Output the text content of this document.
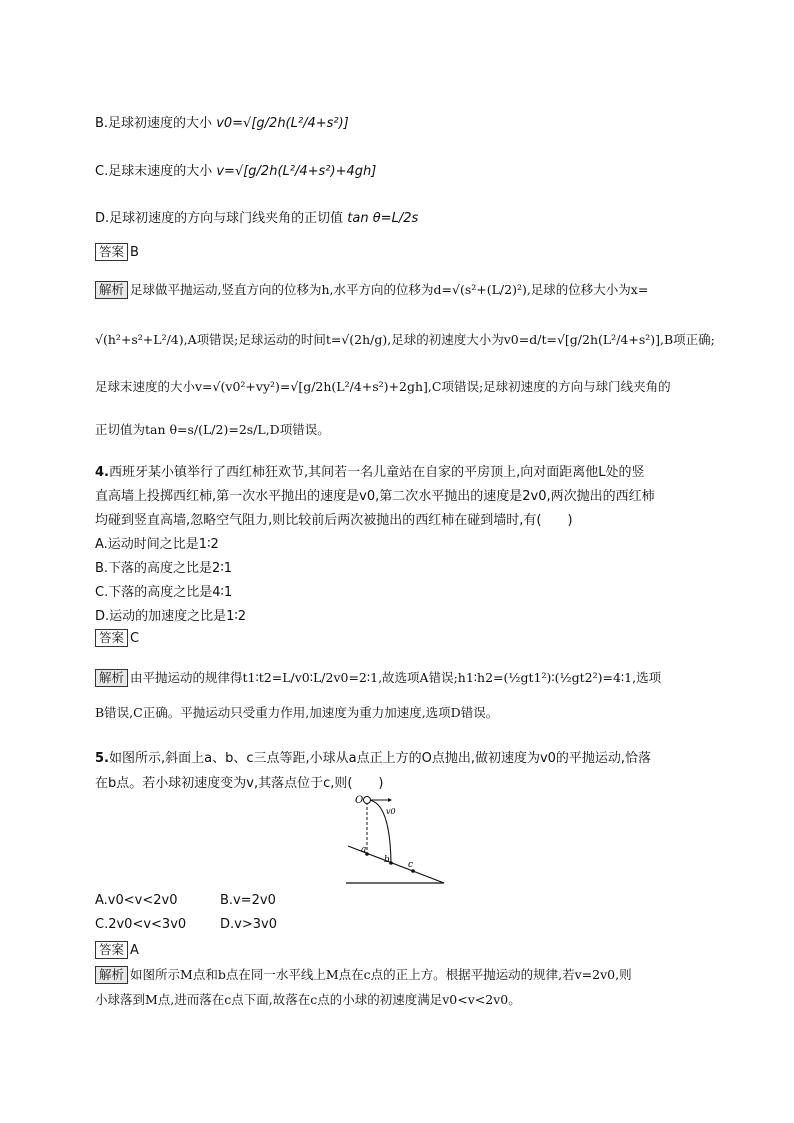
B.足球初速度的大小 v0=√[g/2h(L²/4+s²)]
C.足球末速度的大小 v=√[g/2h(L²/4+s²)+4gh]
D.足球初速度的方向与球门线夹角的正切值 tan θ=L/2s
答案 B
解析 足球做平抛运动,竖直方向的位移为h,水平方向的位移为d=√(s²+(L/2)²),足球的位移大小为x=
√(h²+s²+L²/4),A项错误;足球运动的时间t=√(2h/g),足球的初速度大小为v0=d/t=√[g/2h(L²/4+s²)],B项正确;
足球末速度的大小v=√(v0²+vy²)=√[g/2h(L²/4+s²)+2gh],C项错误;足球初速度的方向与球门线夹角的
正切值为tan θ=s/(L/2)=2s/L,D项错误。
4.西班牙某小镇举行了西红柿狂欢节,其间若一名儿童站在自家的平房顶上,向对面距离他L处的竖
直高墙上投掷西红柿,第一次水平抛出的速度是v0,第二次水平抛出的速度是2v0,两次抛出的西红柿
均碰到竖直高墙,忽略空气阻力,则比较前后两次被抛出的西红柿在碰到墙时,有(　　)
A.运动时间之比是1∶2
B.下落的高度之比是2∶1
C.下落的高度之比是4∶1
D.运动的加速度之比是1∶2
答案 C
解析 由平抛运动的规律得t1∶t2=L/v0∶L/2v0=2∶1,故选项A错误;h1∶h2=(½gt1²)∶(½gt2²)=4∶1,选项
B错误,C正确。平抛运动只受重力作用,加速度为重力加速度,选项D错误。
5.如图所示,斜面上a、b、c三点等距,小球从a点正上方的O点抛出,做初速度为v0的平抛运动,恰落
在b点。若小球初速度变为v,其落点位于c,则(　　)
O
v0
a
b c
A.v0<v<2v0	B.v=2v0
C.2v0<v<3v0	D.v>3v0
答案 A
解析 如图所示M点和b点在同一水平线上M点在c点的正上方。根据平抛运动的规律,若v=2v0,则
小球落到M点,进而落在c点下面,故落在c点的小球的初速度满足v0<v<2v0。
